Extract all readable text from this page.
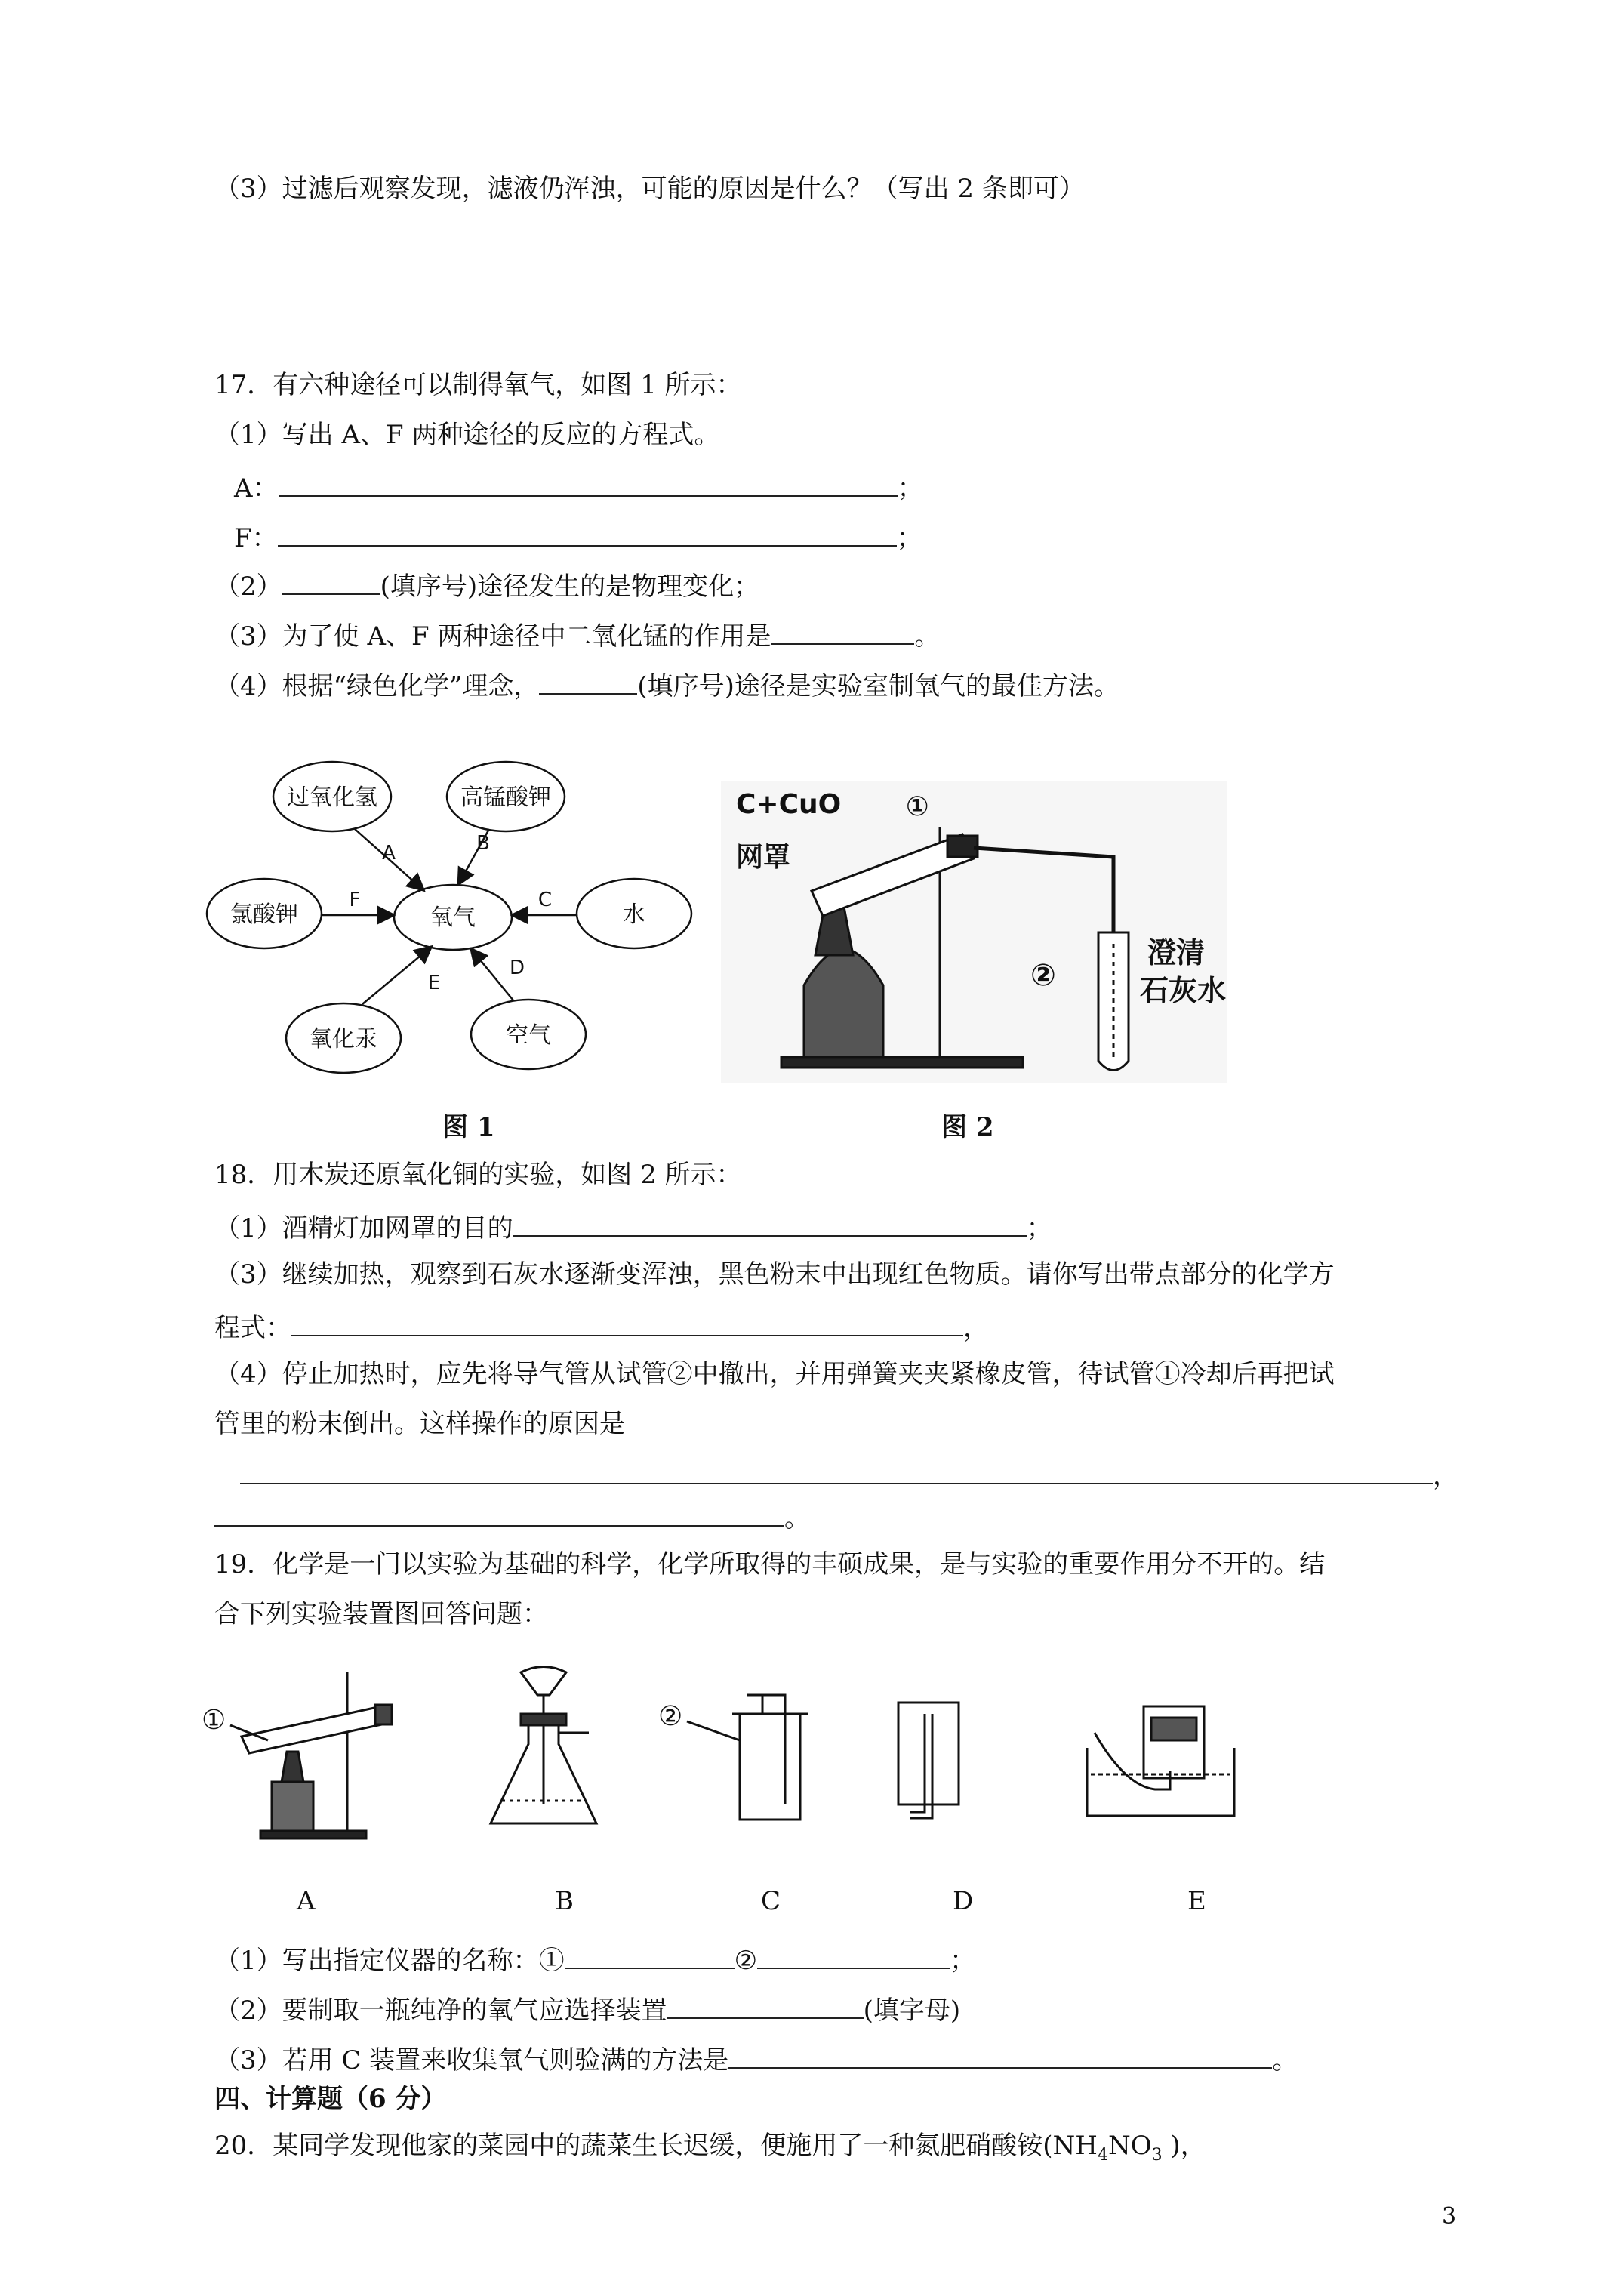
（3）过滤后观察发现，滤液仍浑浊，可能的原因是什么？（写出 2 条即可）
17．有六种途径可以制得氧气，如图 1 所示：
（1）写出 A、F 两种途径的反应的方程式。
A：	；
F：	；
（2）	(填序号)途径发生的是物理变化；
（3）为了使 A、F 两种途径中二氧化锰的作用是	。
（4）根据“绿色化学”理念，	(填序号)途径是实验室制氧气的最佳方法。
氧气
过氧化氢	高锰酸钾
氯酸钾	水
氧化汞	空气
A	B
F	C
E
D
图 1
C+CuO
网罩
①
②
澄清
石灰水
图 2
18．用木炭还原氧化铜的实验，如图 2 所示：
（1）酒精灯加网罩的目的	；
（3）继续加热，观察到石灰水逐渐变浑浊，黑色粉末中出现红色物质。请你写出带点部分的化学方
程式：	，
（4）停止加热时，应先将导气管从试管②中撤出，并用弹簧夹夹紧橡皮管，待试管①冷却后再把试
管里的粉末倒出。这样操作的原因是
，
。
19．化学是一门以实验为基础的科学，化学所取得的丰硕成果，是与实验的重要作用分不开的。结
合下列实验装置图回答问题：
①	②
A	B	C	D	E
（1）写出指定仪器的名称：①	②	；
（2）要制取一瓶纯净的氧气应选择装置	(填字母)
（3）若用 C 装置来收集氧气则验满的方法是	。
四、计算题（6 分）
20．某同学发现他家的菜园中的蔬菜生长迟缓，便施用了一种氮肥硝酸铵($NH_4NO_3$ )，
3
